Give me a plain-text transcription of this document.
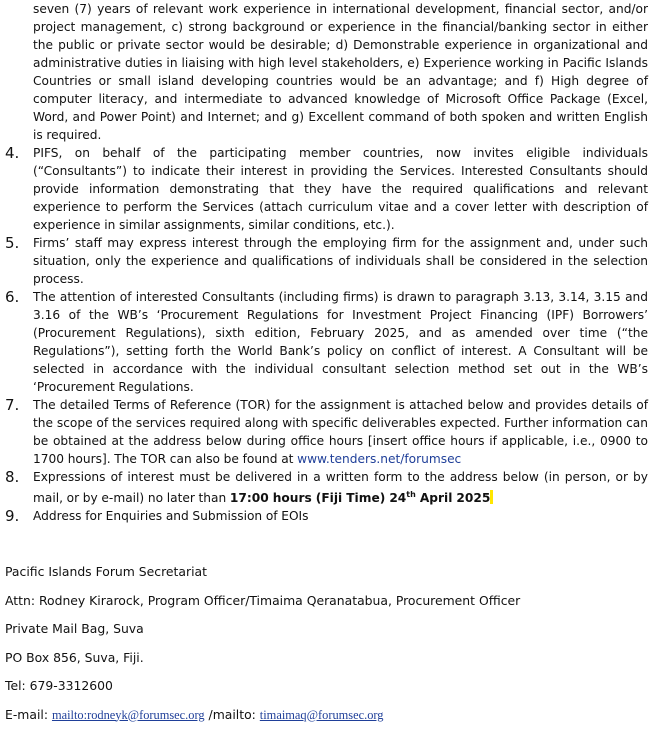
seven (7) years of relevant work experience in international development, financial sector, and/or project management, c) strong background or experience in the financial/banking sector in either the public or private sector would be desirable; d) Demonstrable experience in organizational and administrative duties in liaising with high level stakeholders, e) Experience working in Pacific Islands Countries or small island developing countries would be an advantage; and f) High degree of computer literacy, and intermediate to advanced knowledge of Microsoft Office Package (Excel, Word, and Power Point) and Internet; and g) Excellent command of both spoken and written English is required.
4. PIFS, on behalf of the participating member countries, now invites eligible individuals (“Consultants”) to indicate their interest in providing the Services. Interested Consultants should provide information demonstrating that they have the required qualifications and relevant experience to perform the Services (attach curriculum vitae and a cover letter with description of experience in similar assignments, similar conditions, etc.).
5. Firms’ staff may express interest through the employing firm for the assignment and, under such situation, only the experience and qualifications of individuals shall be considered in the selection process.
6. The attention of interested Consultants (including firms) is drawn to paragraph 3.13, 3.14, 3.15 and 3.16 of the WB’s ‘Procurement Regulations for Investment Project Financing (IPF) Borrowers’ (Procurement Regulations), sixth edition, February 2025, and as amended over time (“the Regulations”), setting forth the World Bank’s policy on conflict of interest. A Consultant will be selected in accordance with the individual consultant selection method set out in the WB’s ‘Procurement Regulations.
7. The detailed Terms of Reference (TOR) for the assignment is attached below and provides details of the scope of the services required along with specific deliverables expected. Further information can be obtained at the address below during office hours [insert office hours if applicable, i.e., 0900 to 1700 hours]. The TOR can also be found at www.tenders.net/forumsec
8. Expressions of interest must be delivered in a written form to the address below (in person, or by mail, or by e-mail) no later than 17:00 hours (Fiji Time) 24th April 2025
9. Address for Enquiries and Submission of EOIs

Pacific Islands Forum Secretariat

Attn: Rodney Kirarock, Program Officer/Timaima Qeranatabua, Procurement Officer

Private Mail Bag, Suva

PO Box 856, Suva, Fiji.

Tel: 679-3312600

E-mail: mailto:rodneyk@forumsec.org /mailto: timaimaq@forumsec.org
